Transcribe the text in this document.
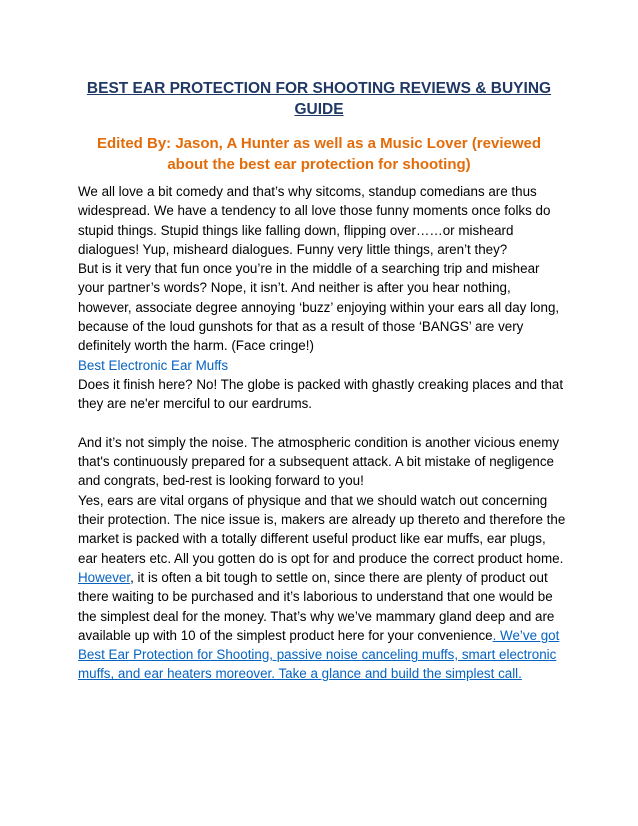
BEST EAR PROTECTION FOR SHOOTING REVIEWS & BUYING GUIDE
Edited By: Jason, A Hunter as well as a Music Lover (reviewed about the best ear protection for shooting)

We all love a bit comedy and that’s why sitcoms, standup comedians are thus widespread. We have a tendency to all love those funny moments once folks do stupid things. Stupid things like falling down, flipping over……or misheard dialogues! Yup, misheard dialogues. Funny very little things, aren’t they?

But is it very that fun once you’re in the middle of a searching trip and mishear your partner’s words? Nope, it isn’t. And neither is after you hear nothing, however, associate degree annoying ‘buzz’ enjoying within your ears all day long, because of the loud gunshots for that as a result of those ‘BANGS’ are very definitely worth the harm. (Face cringe!)

Best Electronic Ear Muffs

Does it finish here? No! The globe is packed with ghastly creaking places and that they are ne'er merciful to our eardrums.

And it’s not simply the noise. The atmospheric condition is another vicious enemy that's continuously prepared for a subsequent attack. A bit mistake of negligence and congrats, bed-rest is looking forward to you!

Yes, ears are vital organs of physique and that we should watch out concerning their protection. The nice issue is, makers are already up thereto and therefore the market is packed with a totally different useful product like ear muffs, ear plugs, ear heaters etc. All you gotten do is opt for and produce the correct product home.

However, it is often a bit tough to settle on, since there are plenty of product out there waiting to be purchased and it’s laborious to understand that one would be the simplest deal for the money. That’s why we’ve mammary gland deep and are available up with 10 of the simplest product here for your convenience. We’ve got Best Ear Protection for Shooting, passive noise canceling muffs, smart electronic muffs, and ear heaters moreover. Take a glance and build the simplest call.
